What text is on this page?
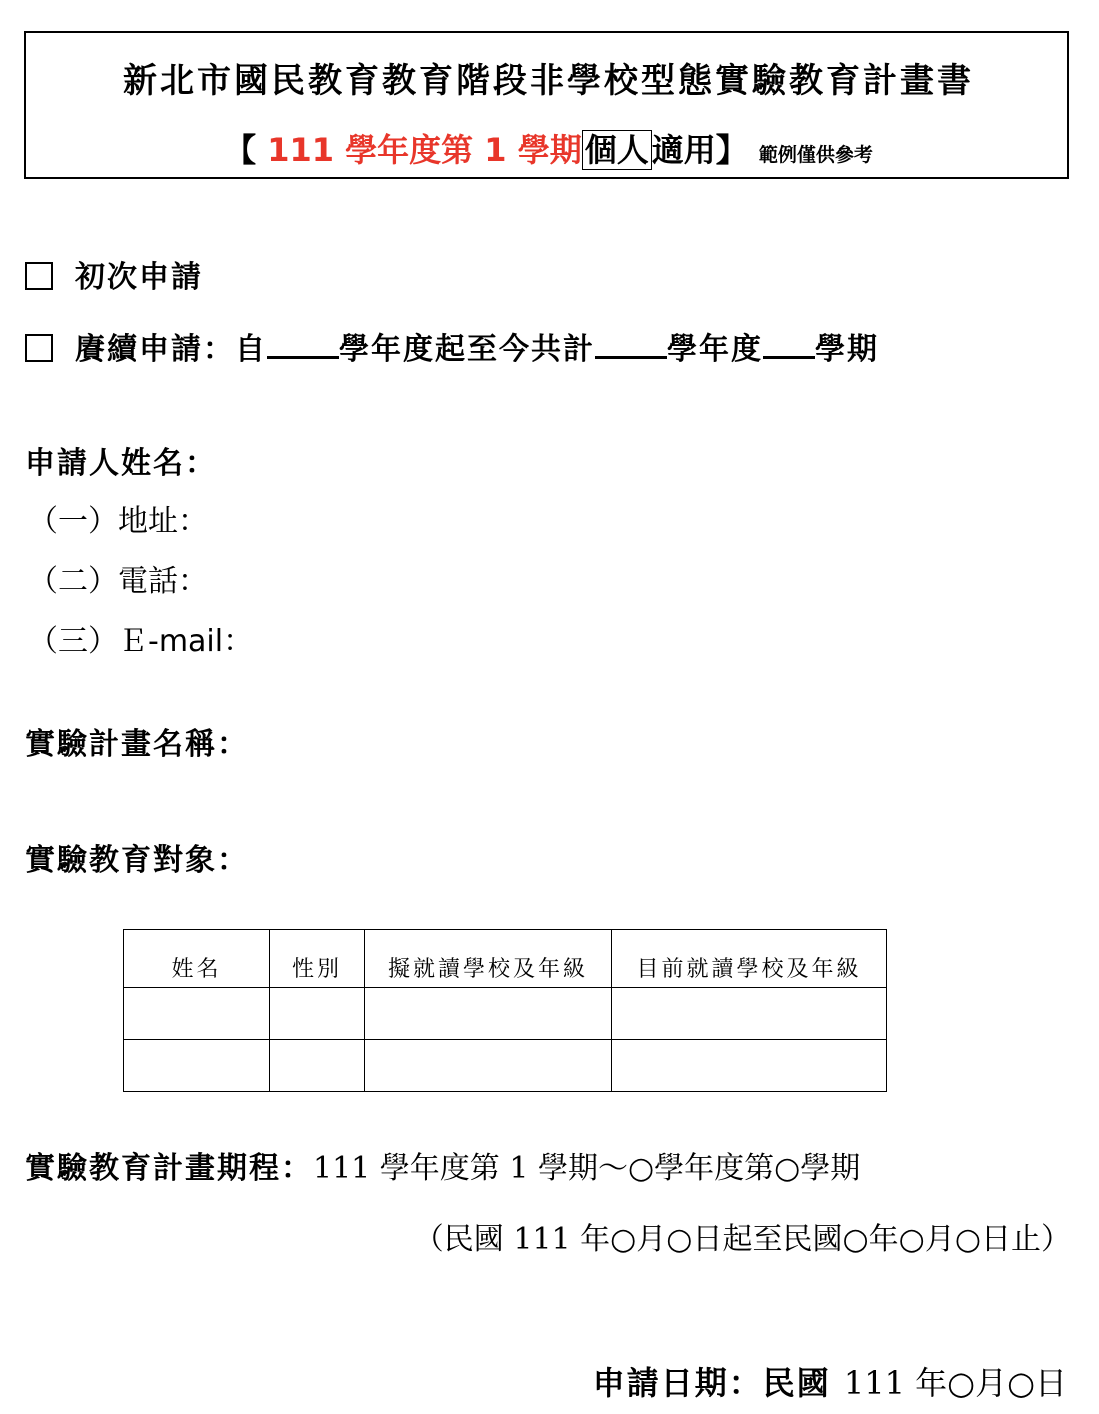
新北市國民教育教育階段非學校型態實驗教育計畫書
【 111 學年度第 1 學期個人適用】 範例僅供參考
初次申請
賡續申請：自 學年度起至今共計 學年度 學期
申請人姓名：
（一）地址：
（二）電話：
（三）Ｅ-mail：
實驗計畫名稱：
實驗教育對象：
姓名	性別	擬就讀學校及年級	目前就讀學校及年級

實驗教育計畫期程：111 學年度第 1 學期～○學年度第○學期
（民國 111 年○月○日起至民國○年○月○日止）
申請日期：民國 111 年○月○日
